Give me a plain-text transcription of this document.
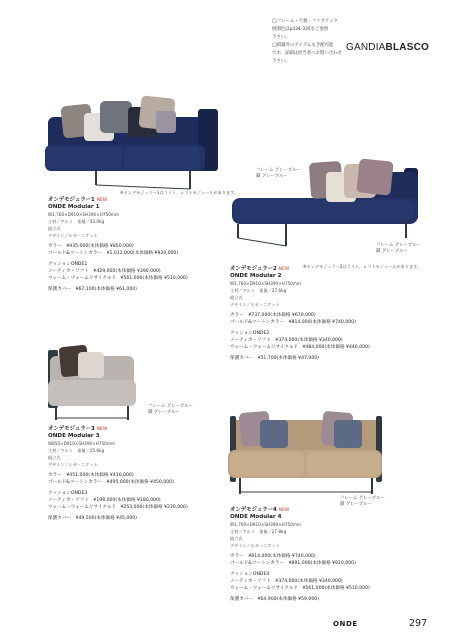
◯フレーム・天板・ファブリック
展開色はp334-335をご参照
下さい。
◯掲載外のアイテムも手配可能
です。詳細は担当者へお問い合わせ
下さい。
GANDIABLASCO
※オンデモジュラー1はライト、レフトモジュールがあります。
フレーム グレーブルー
脚 グレーブルー
オンデモジュラー1 NEW
ONDE Modular 1
W1,760×D910×SH390×H750mm
主材／アルミ　重量／33.0kg
組立式
デザイン／ルカ・ニケット
カラー　¥935,000(本体価格 ¥850,000)
ゴールド&ツートンカラー　¥1,012,000(本体価格 ¥920,000)
クッションONDE1
ノーティカ・ソフト　¥429,000(本体価格 ¥390,000)
ウォーム・ウォームリサイクルド　¥561,000(本体価格 ¥510,000)
保護カバー　¥67,100(本体価格 ¥61,000)
フレーム グレーブルー
脚 グレーブルー
※オンデモジュラー2はライト、レフトモジュールがあります。
オンデモジュラー2 NEW
ONDE Modular 2
W1,760×D910×SH390×H750mm
主材／アルミ　重量／27.6kg
組立式
デザイン／ルカ・ニケット
カラー　¥737,000(本体価格 ¥670,000)
ゴールド&ツートンカラー　¥814,000(本体価格 ¥740,000)
クッションONDE2
ノーティカ・ソフト　¥374,000(本体価格 ¥340,000)
ウォーム・ウォームリサイクルド　¥484,000(本体価格 ¥440,000)
保護カバー　¥51,700(本体価格 ¥47,000)
フレーム グレーブルー
脚 グレーブルー
オンデモジュラー3 NEW
ONDE Modular 3
W850×D910×SH390×H750mm
主材／アルミ　重量／15.6kg
組立式
デザイン／ルカ・ニケット
カラー　¥451,000(本体価格 ¥410,000)
ゴールド&ツートンカラー　¥495,000(本体価格 ¥450,000)
クッションONDE3
ノーティカ・ソフト　¥198,000(本体価格 ¥180,000)
ウォーム・ウォームリサイクルド　¥253,000(本体価格 ¥230,000)
保護カバー　¥49,500(本体価格 ¥45,000)
フレーム グレーブルー
脚 グレーブルー
オンデモジュラー4 NEW
ONDE Modular 4
W1,700×D910×SH390×H750mm
主材／アルミ　重量／27.8kg
組立式
デザイン／ルカ・ニケット
カラー　¥814,000(本体価格 ¥740,000)
ゴールド&ツートンカラー　¥891,000(本体価格 ¥810,000)
クッションONDE4
ノーティカ・ソフト　¥374,000(本体価格 ¥340,000)
ウォーム・ウォームリサイクルド　¥561,000(本体価格 ¥510,000)
保護カバー　¥64,900(本体価格 ¥59,000)
ONDE	297
